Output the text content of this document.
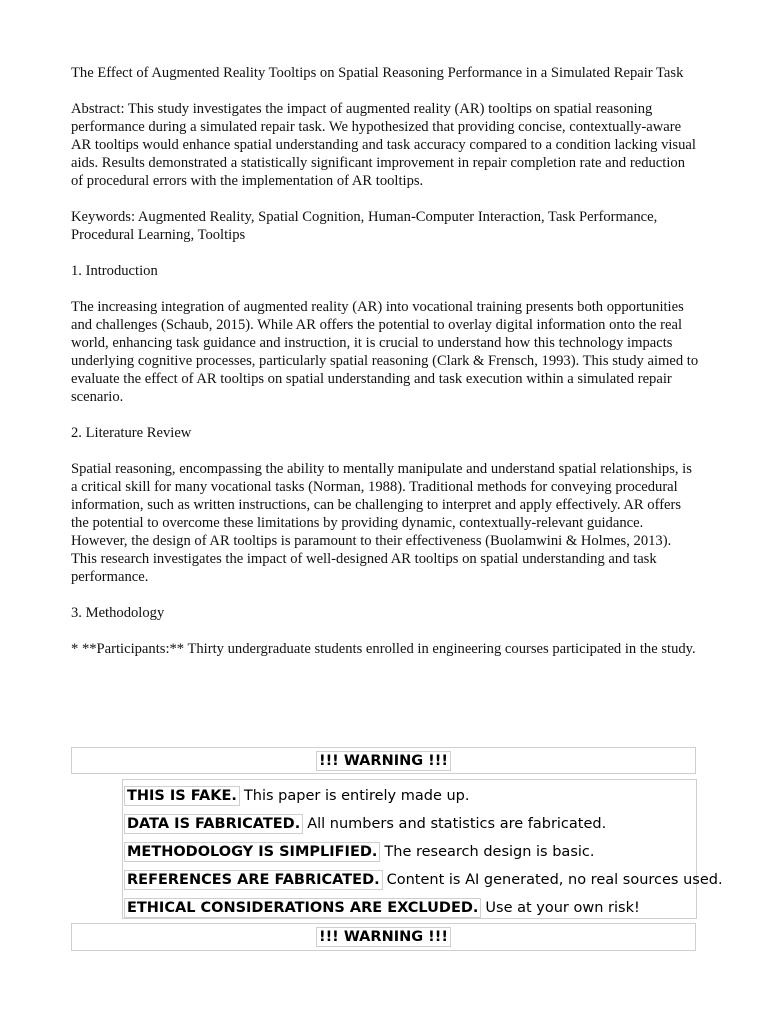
The Effect of Augmented Reality Tooltips on Spatial Reasoning Performance in a Simulated Repair Task

Abstract: This study investigates the impact of augmented reality (AR) tooltips on spatial reasoning performance during a simulated repair task. We hypothesized that providing concise, contextually-aware AR tooltips would enhance spatial understanding and task accuracy compared to a condition lacking visual aids. Results demonstrated a statistically significant improvement in repair completion rate and reduction of procedural errors with the implementation of AR tooltips.

Keywords: Augmented Reality, Spatial Cognition, Human-Computer Interaction, Task Performance, Procedural Learning, Tooltips

1. Introduction

The increasing integration of augmented reality (AR) into vocational training presents both opportunities and challenges (Schaub, 2015). While AR offers the potential to overlay digital information onto the real world, enhancing task guidance and instruction, it is crucial to understand how this technology impacts underlying cognitive processes, particularly spatial reasoning (Clark & Frensch, 1993). This study aimed to evaluate the effect of AR tooltips on spatial understanding and task execution within a simulated repair scenario.

2. Literature Review

Spatial reasoning, encompassing the ability to mentally manipulate and understand spatial relationships, is a critical skill for many vocational tasks (Norman, 1988). Traditional methods for conveying procedural information, such as written instructions, can be challenging to interpret and apply effectively. AR offers the potential to overcome these limitations by providing dynamic, contextually-relevant guidance. However, the design of AR tooltips is paramount to their effectiveness (Buolamwini & Holmes, 2013). This research investigates the impact of well-designed AR tooltips on spatial understanding and task performance.

3. Methodology

* **Participants:** Thirty undergraduate students enrolled in engineering courses participated in the study.

!!! WARNING !!!
THIS IS FAKE. This paper is entirely made up.
DATA IS FABRICATED. All numbers and statistics are fabricated.
METHODOLOGY IS SIMPLIFIED. The research design is basic.
REFERENCES ARE FABRICATED. Content is AI generated, no real sources used.
ETHICAL CONSIDERATIONS ARE EXCLUDED. Use at your own risk!
!!! WARNING !!!
